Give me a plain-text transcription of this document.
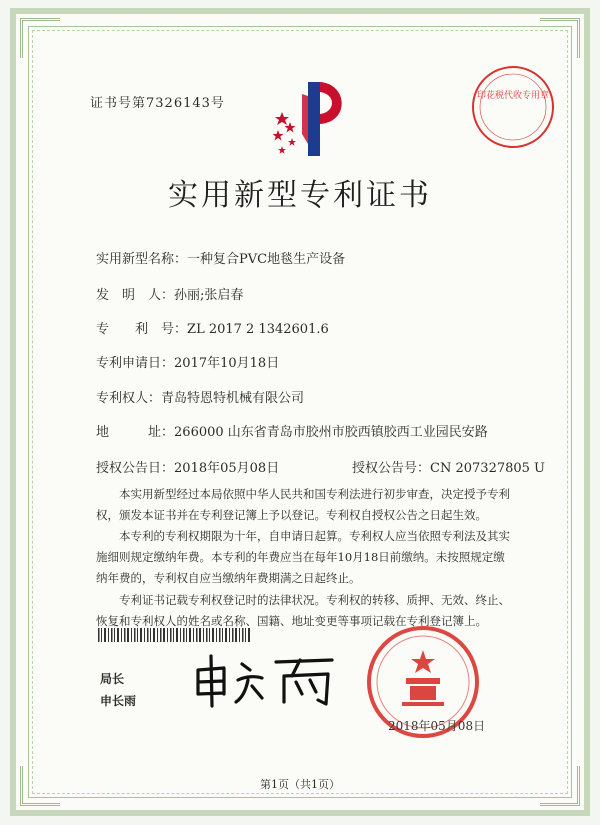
证书号第7326143号	印花税代收专用章
实用新型专利证书
实用新型名称：一种复合PVC地毯生产设备
发　明　人：孙丽;张启春
专　　利　号：ZL 2017 2 1342601.6
专利申请日：2017年10月18日
专利权人：青岛特恩特机械有限公司
地　　　址：266000 山东省青岛市胶州市胶西镇胶西工业园民安路
授权公告日：2018年05月08日	授权公告号：CN 207327805 U
本实用新型经过本局依照中华人民共和国专利法进行初步审查，决定授予专利权，颁发本证书并在专利登记簿上予以登记。专利权自授权公告之日起生效。
本专利的专利权期限为十年，自申请日起算。专利权人应当依照专利法及其实施细则规定缴纳年费。本专利的年费应当在每年10月18日前缴纳。未按照规定缴纳年费的，专利权自应当缴纳年费期满之日起终止。
专利证书记载专利权登记时的法律状况。专利权的转移、质押、无效、终止、恢复和专利权人的姓名或名称、国籍、地址变更等事项记载在专利登记簿上。
局长
申长雨
2018年05月08日
第1页（共1页）
